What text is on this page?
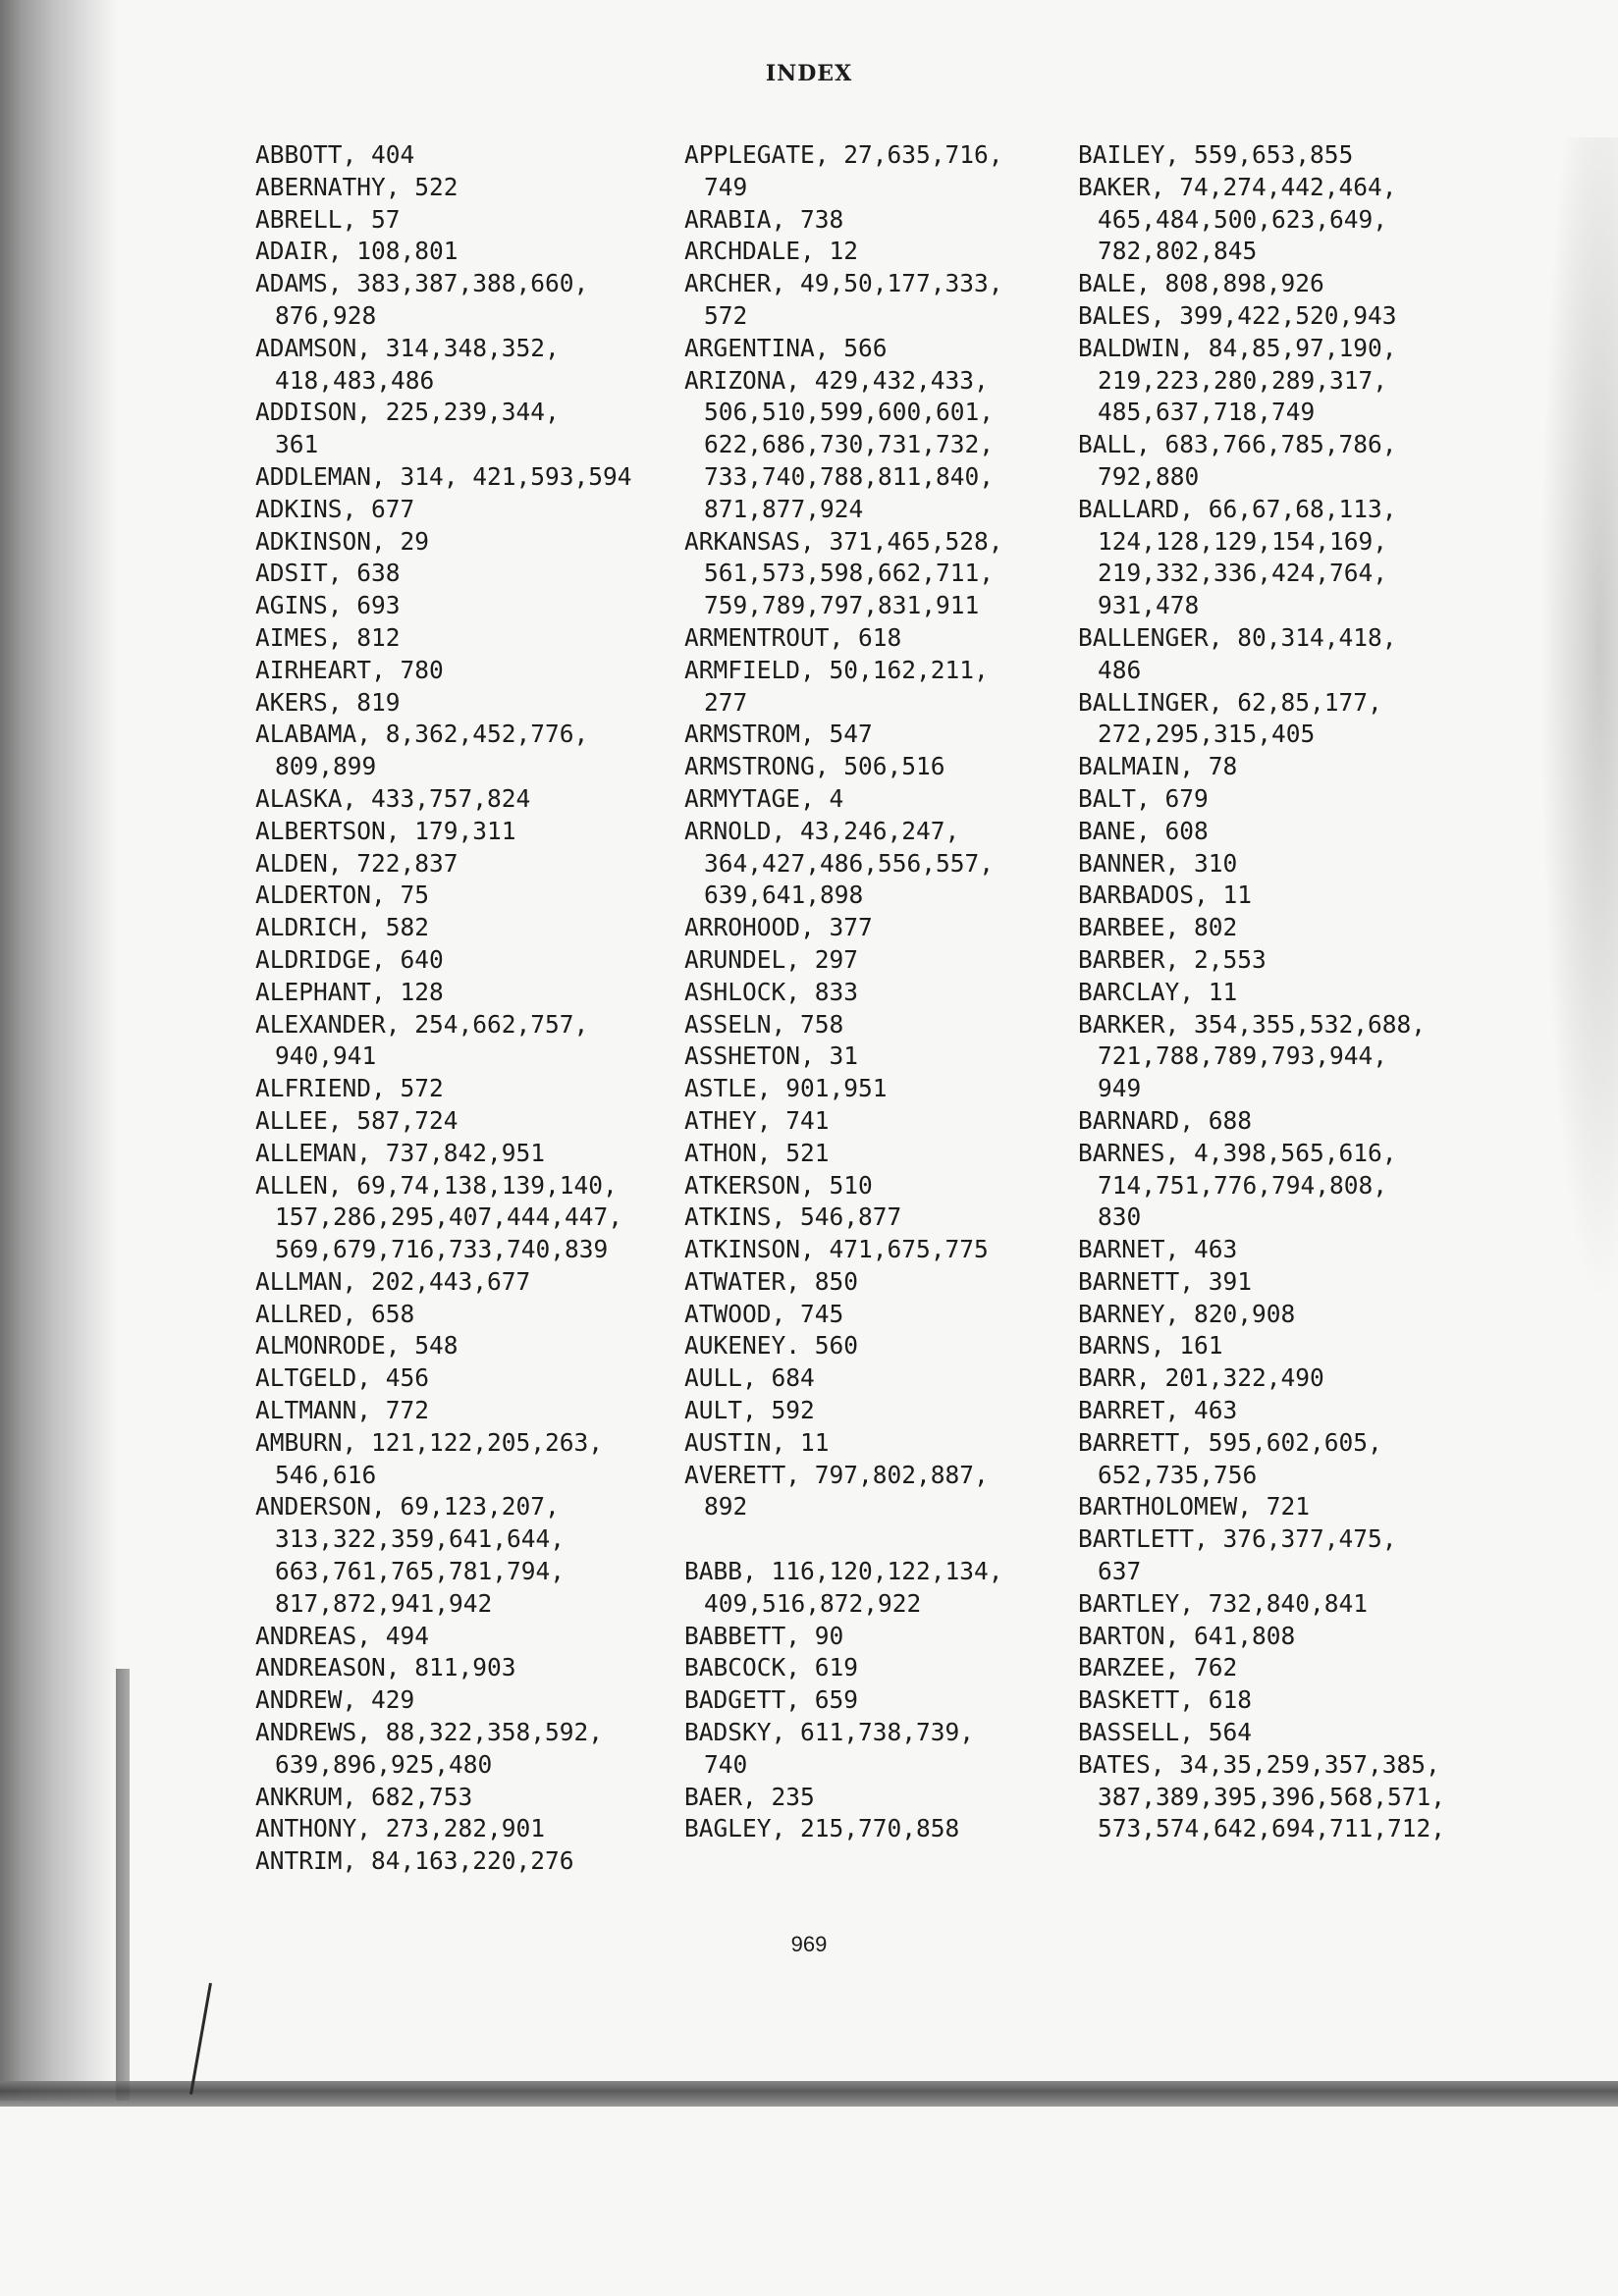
INDEX
ABBOTT, 404
ABERNATHY, 522
ABRELL, 57
ADAIR, 108,801
ADAMS, 383,387,388,660,
876,928
ADAMSON, 314,348,352,
418,483,486
ADDISON, 225,239,344,
361
ADDLEMAN, 314, 421,593,594
ADKINS, 677
ADKINSON, 29
ADSIT, 638
AGINS, 693
AIMES, 812
AIRHEART, 780
AKERS, 819
ALABAMA, 8,362,452,776,
809,899
ALASKA, 433,757,824
ALBERTSON, 179,311
ALDEN, 722,837
ALDERTON, 75
ALDRICH, 582
ALDRIDGE, 640
ALEPHANT, 128
ALEXANDER, 254,662,757,
940,941
ALFRIEND, 572
ALLEE, 587,724
ALLEMAN, 737,842,951
ALLEN, 69,74,138,139,140,
157,286,295,407,444,447,
569,679,716,733,740,839
ALLMAN, 202,443,677
ALLRED, 658
ALMONRODE, 548
ALTGELD, 456
ALTMANN, 772
AMBURN, 121,122,205,263,
546,616
ANDERSON, 69,123,207,
313,322,359,641,644,
663,761,765,781,794,
817,872,941,942
ANDREAS, 494
ANDREASON, 811,903
ANDREW, 429
ANDREWS, 88,322,358,592,
639,896,925,480
ANKRUM, 682,753
ANTHONY, 273,282,901
ANTRIM, 84,163,220,276
APPLEGATE, 27,635,716,
749
ARABIA, 738
ARCHDALE, 12
ARCHER, 49,50,177,333,
572
ARGENTINA, 566
ARIZONA, 429,432,433,
506,510,599,600,601,
622,686,730,731,732,
733,740,788,811,840,
871,877,924
ARKANSAS, 371,465,528,
561,573,598,662,711,
759,789,797,831,911
ARMENTROUT, 618
ARMFIELD, 50,162,211,
277
ARMSTROM, 547
ARMSTRONG, 506,516
ARMYTAGE, 4
ARNOLD, 43,246,247,
364,427,486,556,557,
639,641,898
ARROHOOD, 377
ARUNDEL, 297
ASHLOCK, 833
ASSELN, 758
ASSHETON, 31
ASTLE, 901,951
ATHEY, 741
ATHON, 521
ATKERSON, 510
ATKINS, 546,877
ATKINSON, 471,675,775
ATWATER, 850
ATWOOD, 745
AUKENEY. 560
AULL, 684
AULT, 592
AUSTIN, 11
AVERETT, 797,802,887,
892
BABB, 116,120,122,134,
409,516,872,922
BABBETT, 90
BABCOCK, 619
BADGETT, 659
BADSKY, 611,738,739,
740
BAER, 235
BAGLEY, 215,770,858
BAILEY, 559,653,855
BAKER, 74,274,442,464,
465,484,500,623,649,
782,802,845
BALE, 808,898,926
BALES, 399,422,520,943
BALDWIN, 84,85,97,190,
219,223,280,289,317,
485,637,718,749
BALL, 683,766,785,786,
792,880
BALLARD, 66,67,68,113,
124,128,129,154,169,
219,332,336,424,764,
931,478
BALLENGER, 80,314,418,
486
BALLINGER, 62,85,177,
272,295,315,405
BALMAIN, 78
BALT, 679
BANE, 608
BANNER, 310
BARBADOS, 11
BARBEE, 802
BARBER, 2,553
BARCLAY, 11
BARKER, 354,355,532,688,
721,788,789,793,944,
949
BARNARD, 688
BARNES, 4,398,565,616,
714,751,776,794,808,
830
BARNET, 463
BARNETT, 391
BARNEY, 820,908
BARNS, 161
BARR, 201,322,490
BARRET, 463
BARRETT, 595,602,605,
652,735,756
BARTHOLOMEW, 721
BARTLETT, 376,377,475,
637
BARTLEY, 732,840,841
BARTON, 641,808
BARZEE, 762
BASKETT, 618
BASSELL, 564
BATES, 34,35,259,357,385,
387,389,395,396,568,571,
573,574,642,694,711,712,
969
